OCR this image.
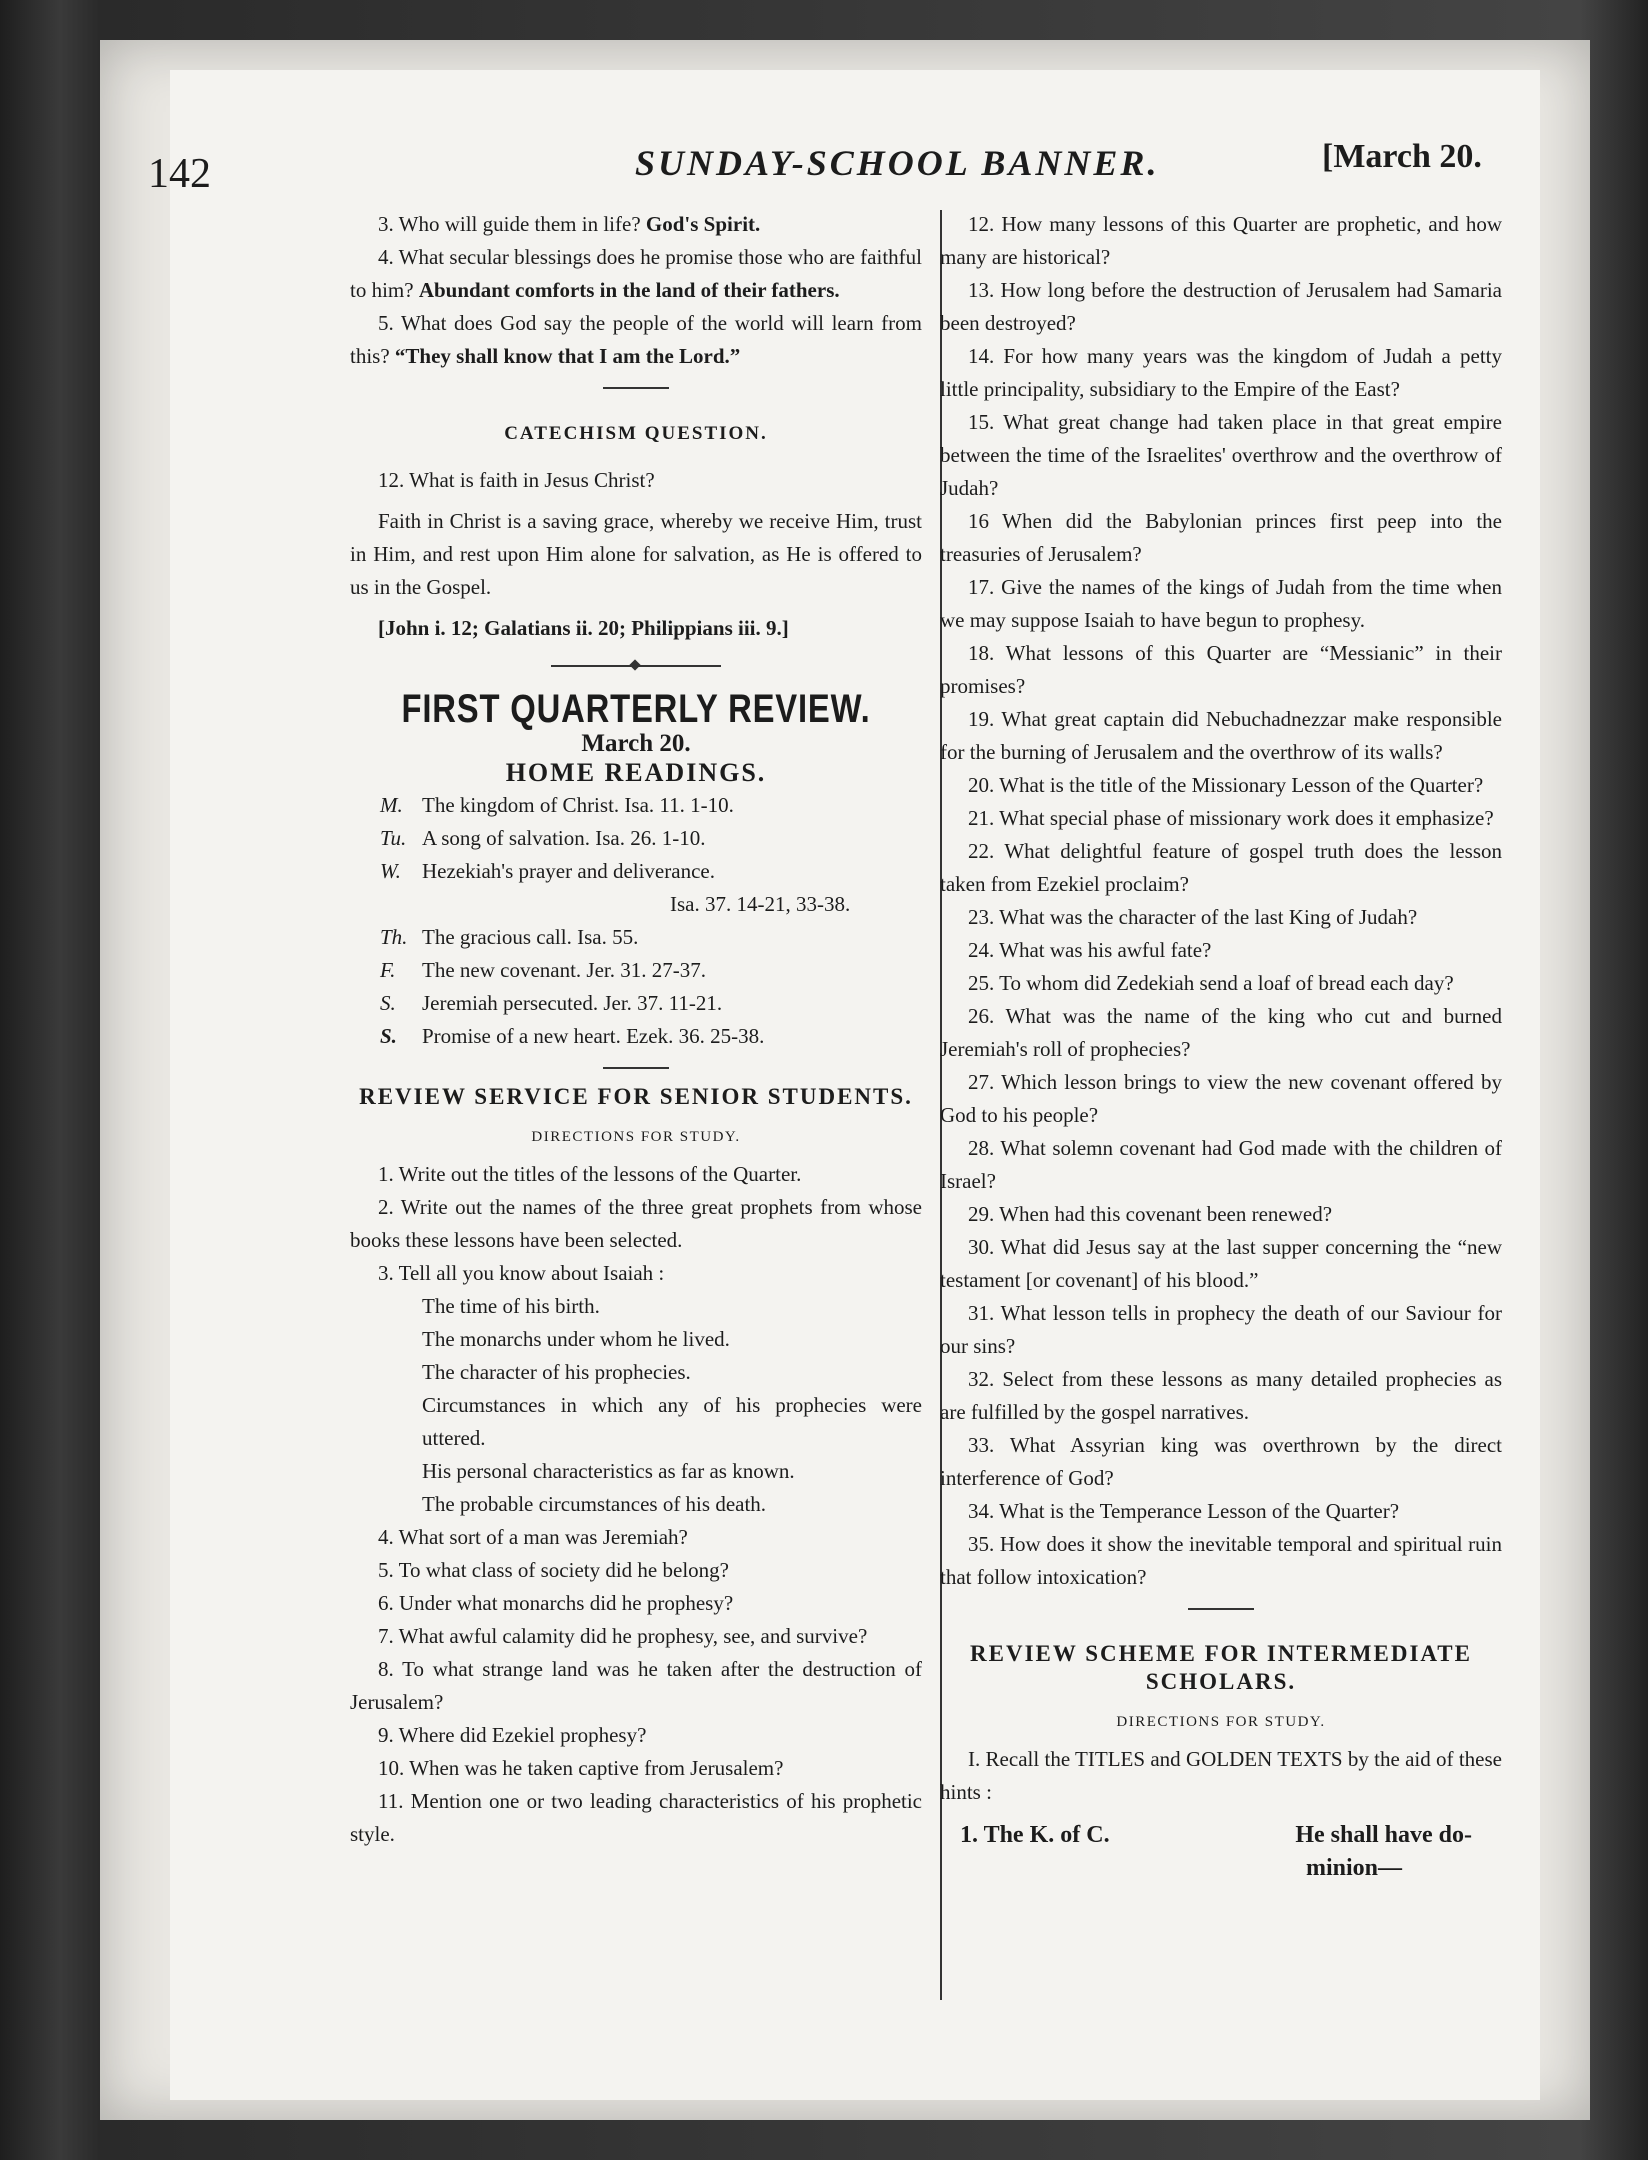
142	SUNDAY-SCHOOL BANNER.	[March 20.

3. Who will guide them in life? God's Spirit.

4. What secular blessings does he promise those who are faithful to him? Abundant comforts in the land of their fathers.

5. What does God say the people of the world will learn from this? “They shall know that I am the Lord.”

CATECHISM QUESTION.

12. What is faith in Jesus Christ?

Faith in Christ is a saving grace, whereby we receive Him, trust in Him, and rest upon Him alone for salvation, as He is offered to us in the Gospel.

[John i. 12; Galatians ii. 20; Philippians iii. 9.]

FIRST QUARTERLY REVIEW.
March 20.
HOME READINGS.

M. The kingdom of Christ. Isa. 11. 1-10.

Tu. A song of salvation. Isa. 26. 1-10.

W. Hezekiah's prayer and deliverance.

Isa. 37. 14-21, 33-38.

Th. The gracious call. Isa. 55.

F. The new covenant. Jer. 31. 27-37.

S. Jeremiah persecuted. Jer. 37. 11-21.

S. Promise of a new heart. Ezek. 36. 25-38.

REVIEW SERVICE FOR SENIOR STUDENTS.
DIRECTIONS FOR STUDY.

1. Write out the titles of the lessons of the Quarter.

2. Write out the names of the three great prophets from whose books these lessons have been selected.

3. Tell all you know about Isaiah :

The time of his birth.

The monarchs under whom he lived.

The character of his prophecies.

Circumstances in which any of his prophecies were uttered.

His personal characteristics as far as known.

The probable circumstances of his death.

4. What sort of a man was Jeremiah?

5. To what class of society did he belong?

6. Under what monarchs did he prophesy?

7. What awful calamity did he prophesy, see, and survive?

8. To what strange land was he taken after the destruction of Jerusalem?

9. Where did Ezekiel prophesy?

10. When was he taken captive from Jerusalem?

11. Mention one or two leading characteristics of his prophetic style.

12. How many lessons of this Quarter are prophetic, and how many are historical?

13. How long before the destruction of Jerusalem had Samaria been destroyed?

14. For how many years was the kingdom of Judah a petty little principality, subsidiary to the Empire of the East?

15. What great change had taken place in that great empire between the time of the Israelites' overthrow and the overthrow of Judah?

16 When did the Babylonian princes first peep into the treasuries of Jerusalem?

17. Give the names of the kings of Judah from the time when we may suppose Isaiah to have begun to prophesy.

18. What lessons of this Quarter are “Messianic” in their promises?

19. What great captain did Nebuchadnezzar make responsible for the burning of Jerusalem and the overthrow of its walls?

20. What is the title of the Missionary Lesson of the Quarter?

21. What special phase of missionary work does it emphasize?

22. What delightful feature of gospel truth does the lesson taken from Ezekiel proclaim?

23. What was the character of the last King of Judah?

24. What was his awful fate?

25. To whom did Zedekiah send a loaf of bread each day?

26. What was the name of the king who cut and burned Jeremiah's roll of prophecies?

27. Which lesson brings to view the new covenant offered by God to his people?

28. What solemn covenant had God made with the children of Israel?

29. When had this covenant been renewed?

30. What did Jesus say at the last supper concerning the “new testament [or covenant] of his blood.”

31. What lesson tells in prophecy the death of our Saviour for our sins?

32. Select from these lessons as many detailed prophecies as are fulfilled by the gospel narratives.

33. What Assyrian king was overthrown by the direct interference of God?

34. What is the Temperance Lesson of the Quarter?

35. How does it show the inevitable temporal and spiritual ruin that follow intoxication?

REVIEW SCHEME FOR INTERMEDIATE SCHOLARS.
DIRECTIONS FOR STUDY.

I. Recall the TITLES and GOLDEN TEXTS by the aid of these hints :

1. The K. of C.	He shall have do-
minion—
